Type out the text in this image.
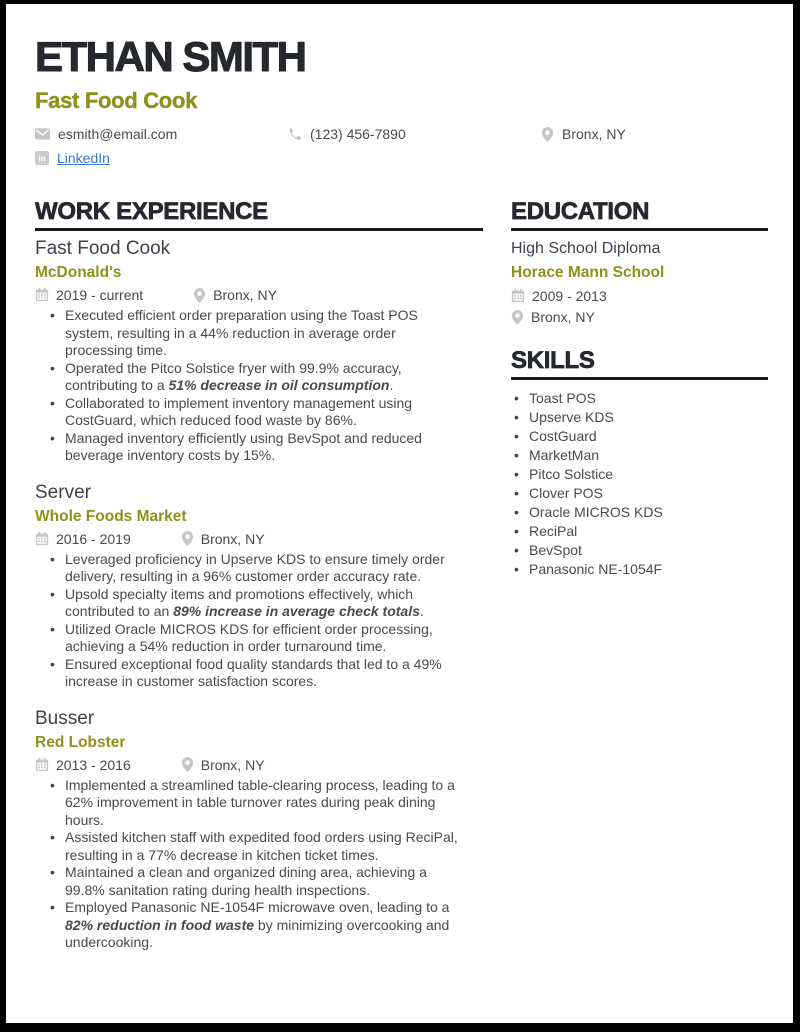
ETHAN SMITH
Fast Food Cook
esmith@email.com	(123) 456-7890	Bronx, NY
in LinkedIn
WORK EXPERIENCE
Fast Food Cook
McDonald's
2019 - current	Bronx, NY
• Executed efficient order preparation using the Toast POS system, resulting in a 44% reduction in average order processing time.
• Operated the Pitco Solstice fryer with 99.9% accuracy, contributing to a 51% decrease in oil consumption.
• Collaborated to implement inventory management using CostGuard, which reduced food waste by 86%.
• Managed inventory efficiently using BevSpot and reduced beverage inventory costs by 15%.
Server
Whole Foods Market
2016 - 2019	Bronx, NY
• Leveraged proficiency in Upserve KDS to ensure timely order delivery, resulting in a 96% customer order accuracy rate.
• Upsold specialty items and promotions effectively, which contributed to an 89% increase in average check totals.
• Utilized Oracle MICROS KDS for efficient order processing, achieving a 54% reduction in order turnaround time.
• Ensured exceptional food quality standards that led to a 49% increase in customer satisfaction scores.
Busser
Red Lobster
2013 - 2016	Bronx, NY
• Implemented a streamlined table-clearing process, leading to a 62% improvement in table turnover rates during peak dining hours.
• Assisted kitchen staff with expedited food orders using ReciPal, resulting in a 77% decrease in kitchen ticket times.
• Maintained a clean and organized dining area, achieving a 99.8% sanitation rating during health inspections.
• Employed Panasonic NE-1054F microwave oven, leading to a 82% reduction in food waste by minimizing overcooking and undercooking.
EDUCATION
High School Diploma
Horace Mann School
2009 - 2013
Bronx, NY
SKILLS
• Toast POS
• Upserve KDS
• CostGuard
• MarketMan
• Pitco Solstice
• Clover POS
• Oracle MICROS KDS
• ReciPal
• BevSpot
• Panasonic NE-1054F
